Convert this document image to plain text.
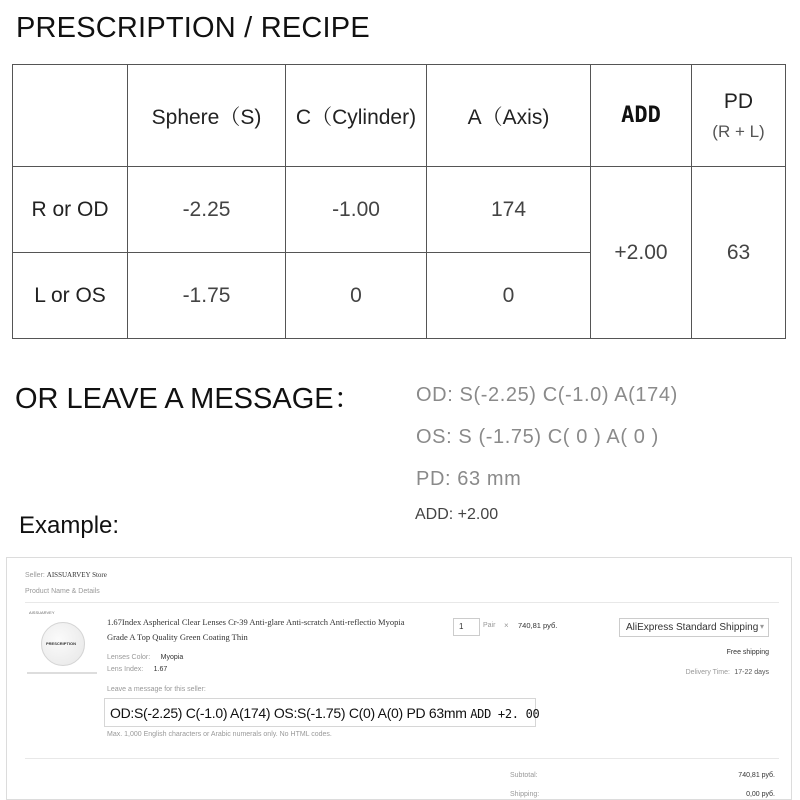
PRESCRIPTION / RECIPE
	Sphere（S)	C（Cylinder)	A（Axis)	ADD	PD
(R + L)

R or OD	-2.25	-1.00	174	+2.00	63
L or OS	-1.75	0	0		
OR LEAVE A MESSAGE：	OD: S(-2.25) C(-1.0) A(174)
OS: S (-1.75) C( 0 ) A( 0 )
PD: 63 mm
ADD: +2.00
Example:
Seller: AISSUARVEY Store
Product Name & Details
AISSUARVEY
PRESCRIPTION
1.67Index Aspherical Clear Lenses Cr-39 Anti-glare Anti-scratch Anti-reflectio Myopia Grade A Top Quality Green Coating Thin
Lenses Color: Myopia
Lens Index: 1.67
1	Pair × 740,81 руб.	AliExpress Standard Shipping ▾
Free shipping
Delivery Time: 17-22 days
Leave a message for this seller:
OD:S(-2.25) C(-1.0) A(174) OS:S(-1.75) C(0) A(0) PD 63mm ADD +2. 00
Max. 1,000 English characters or Arabic numerals only. No HTML codes.
Subtotal:	740,81 руб.
Shipping:	0,00 руб.
